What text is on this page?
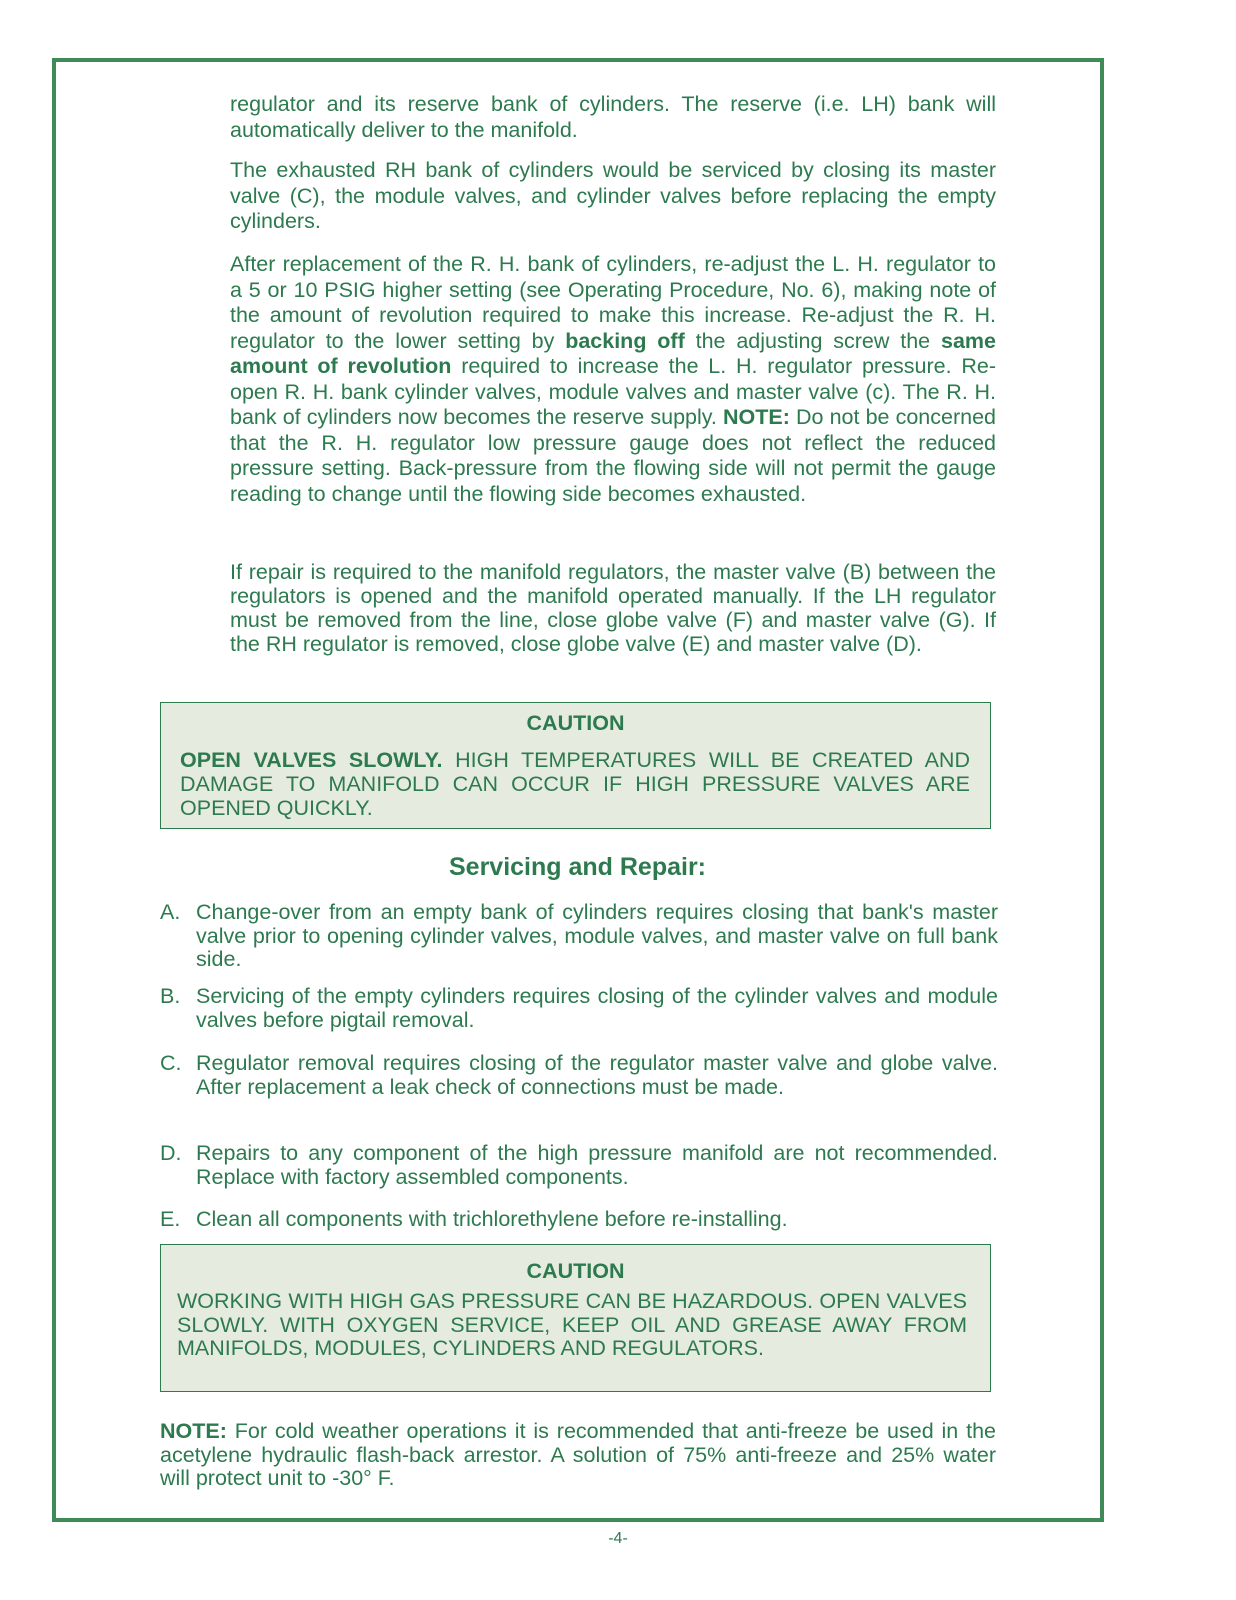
regulator and its reserve bank of cylinders. The reserve (i.e. LH) bank will automatically deliver to the manifold.

The exhausted RH bank of cylinders would be serviced by closing its master valve (C), the module valves, and cylinder valves before replacing the empty cylinders.

After replacement of the R. H. bank of cylinders, re-adjust the L. H. regulator to a 5 or 10 PSIG higher setting (see Operating Procedure, No. 6), making note of the amount of revolution required to make this increase. Re-adjust the R. H. regulator to the lower setting by backing off the adjusting screw the same amount of revolution required to increase the L. H. regulator pressure. Re-open R. H. bank cylinder valves, module valves and master valve (c). The R. H. bank of cylinders now becomes the reserve supply. NOTE: Do not be concerned that the R. H. regulator low pressure gauge does not reflect the reduced pressure setting. Back-pressure from the flowing side will not permit the gauge reading to change until the flowing side becomes exhausted.

If repair is required to the manifold regulators, the master valve (B) between the regulators is opened and the manifold operated manually. If the LH regulator must be removed from the line, close globe valve (F) and master valve (G). If the RH regulator is removed, close globe valve (E) and master valve (D).

CAUTION

OPEN VALVES SLOWLY. HIGH TEMPERATURES WILL BE CREATED AND DAMAGE TO MANIFOLD CAN OCCUR IF HIGH PRESSURE VALVES ARE OPENED QUICKLY.

Servicing and Repair:
A. Change-over from an empty bank of cylinders requires closing that bank's master valve prior to opening cylinder valves, module valves, and master valve on full bank side.

B. Servicing of the empty cylinders requires closing of the cylinder valves and module valves before pigtail removal.

C. Regulator removal requires closing of the regulator master valve and globe valve. After replacement a leak check of connections must be made.

D. Repairs to any component of the high pressure manifold are not recommended. Replace with factory assembled components.

E. Clean all components with trichlorethylene before re-installing.

CAUTION

WORKING WITH HIGH GAS PRESSURE CAN BE HAZARDOUS. OPEN VALVES SLOWLY. WITH OXYGEN SERVICE, KEEP OIL AND GREASE AWAY FROM MANIFOLDS, MODULES, CYLINDERS AND REGULATORS.

NOTE: For cold weather operations it is recommended that anti-freeze be used in the acetylene hydraulic flash-back arrestor. A solution of 75% anti-freeze and 25% water will protect unit to -30° F.

-4-
